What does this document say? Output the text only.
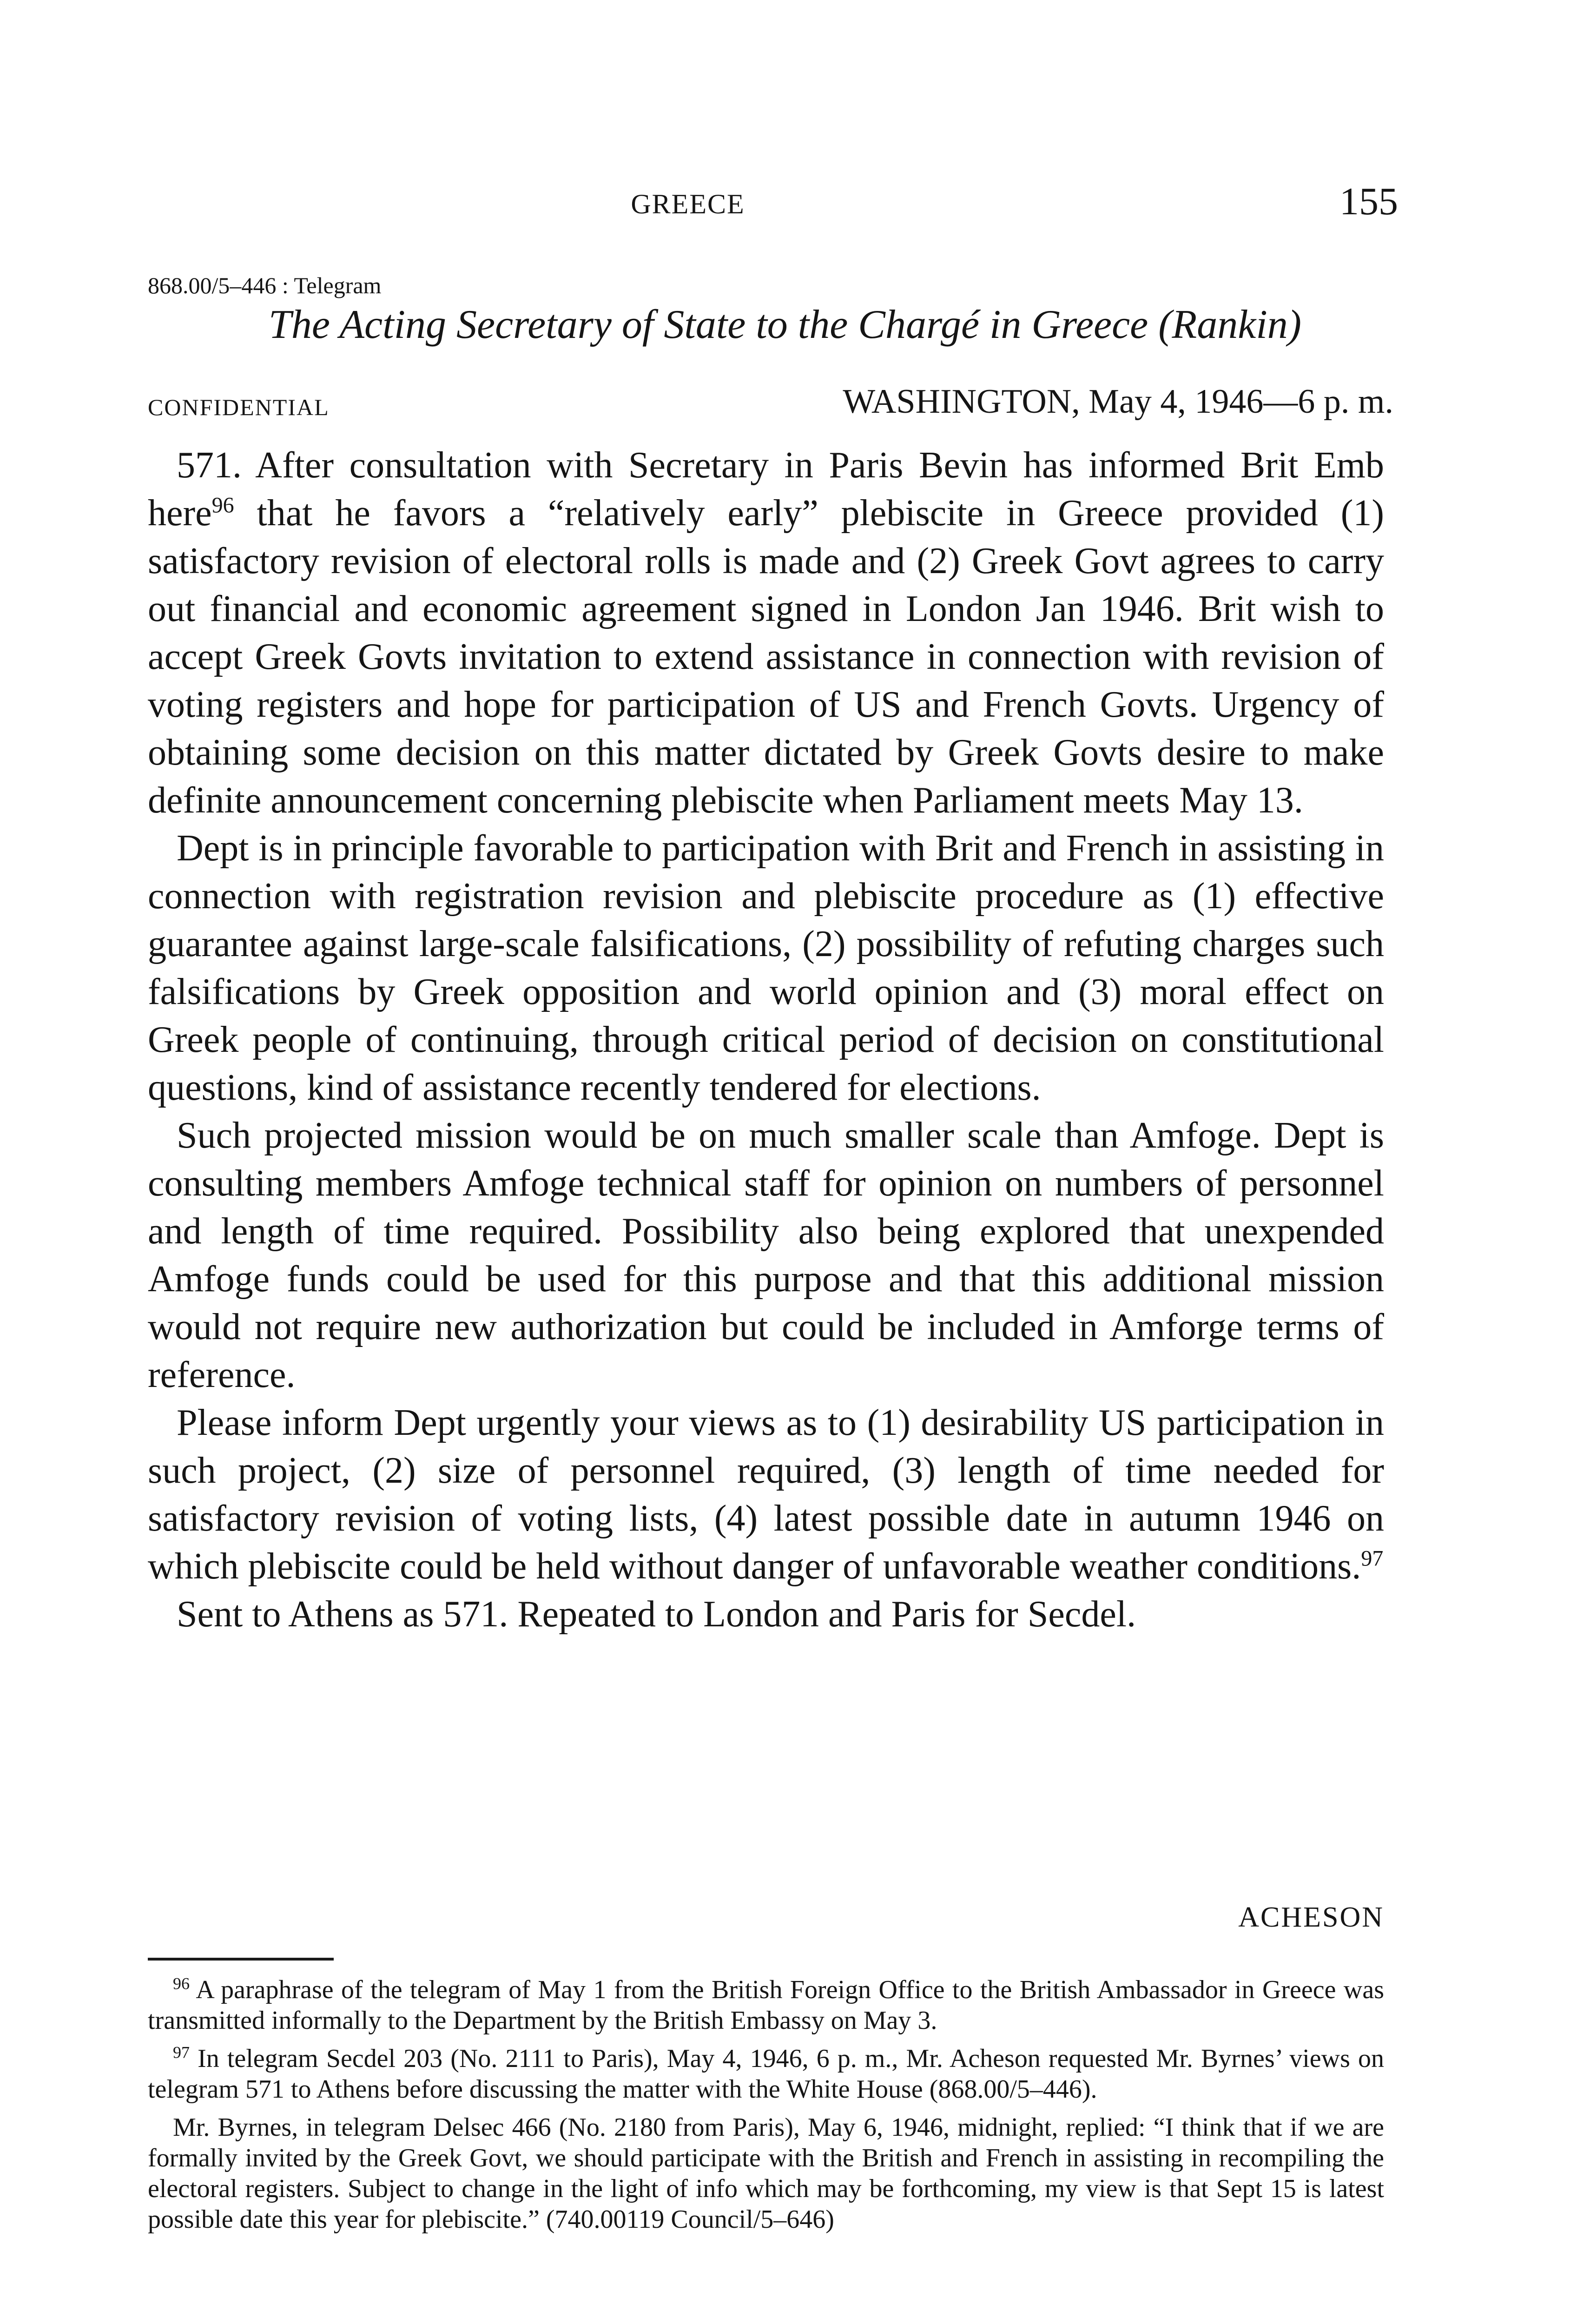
GREECE	155
868.00/5–446 : Telegram
The Acting Secretary of State to the Chargé in Greece (Rankin)
CONFIDENTIAL	WASHINGTON, May 4, 1946—6 p. m.

571. After consultation with Secretary in Paris Bevin has informed Brit Emb here$^{96}$ that he favors a “relatively early” plebiscite in Greece provided (1) satisfactory revision of electoral rolls is made and (2) Greek Govt agrees to carry out financial and economic agreement signed in London Jan 1946. Brit wish to accept Greek Govts invitation to extend assistance in connection with revision of voting registers and hope for participation of US and French Govts. Urgency of obtaining some decision on this matter dictated by Greek Govts desire to make definite announcement concerning plebiscite when Parliament meets May 13.

Dept is in principle favorable to participation with Brit and French in assisting in connection with registration revision and plebiscite procedure as (1) effective guarantee against large-scale falsifications, (2) possibility of refuting charges such falsifications by Greek opposition and world opinion and (3) moral effect on Greek people of continuing, through critical period of decision on constitutional questions, kind of assistance recently tendered for elections.

Such projected mission would be on much smaller scale than Amfoge. Dept is consulting members Amfoge technical staff for opinion on numbers of personnel and length of time required. Possibility also being explored that unexpended Amfoge funds could be used for this purpose and that this additional mission would not require new authorization but could be included in Amforge terms of reference.

Please inform Dept urgently your views as to (1) desirability US participation in such project, (2) size of personnel required, (3) length of time needed for satisfactory revision of voting lists, (4) latest possible date in autumn 1946 on which plebiscite could be held without danger of unfavorable weather conditions.$^{97}$

Sent to Athens as 571. Repeated to London and Paris for Secdel.

ACHESON

$^{96}$ A paraphrase of the telegram of May 1 from the British Foreign Office to the British Ambassador in Greece was transmitted informally to the Department by the British Embassy on May 3.

$^{97}$ In telegram Secdel 203 (No. 2111 to Paris), May 4, 1946, 6 p. m., Mr. Acheson requested Mr. Byrnes’ views on telegram 571 to Athens before discussing the matter with the White House (868.00/5–446).

Mr. Byrnes, in telegram Delsec 466 (No. 2180 from Paris), May 6, 1946, midnight, replied: “I think that if we are formally invited by the Greek Govt, we should participate with the British and French in assisting in recompiling the electoral registers. Subject to change in the light of info which may be forthcoming, my view is that Sept 15 is latest possible date this year for plebiscite.” (740.00119 Council/5–646)
